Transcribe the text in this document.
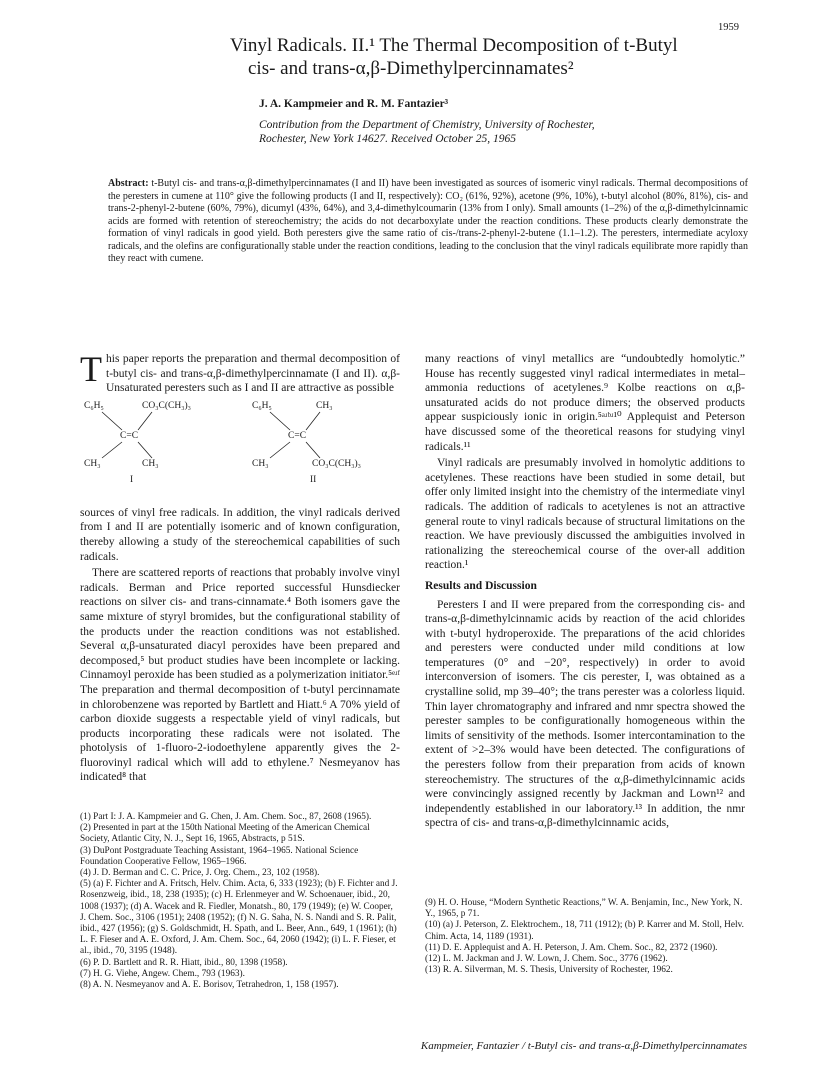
1959
Vinyl Radicals. II.¹ The Thermal Decomposition of t-Butyl
cis- and trans-α,β-Dimethylpercinnamates²
J. A. Kampmeier and R. M. Fantazier³
Contribution from the Department of Chemistry, University of Rochester,
Rochester, New York 14627. Received October 25, 1965
Abstract: t-Butyl cis- and trans-α,β-dimethylpercinnamates (I and II) have been investigated as sources of isomeric vinyl radicals. Thermal decompositions of the peresters in cumene at 110° give the following products (I and II, respectively): CO₂ (61%, 92%), acetone (9%, 10%), t-butyl alcohol (80%, 81%), cis- and trans-2-phenyl-2-butene (60%, 79%), dicumyl (43%, 64%), and 3,4-dimethylcoumarin (13% from I only). Small amounts (1–2%) of the α,β-dimethylcinnamic acids are formed with retention of stereochemistry; the acids do not decarboxylate under the reaction conditions. These products clearly demonstrate the formation of vinyl radicals in good yield. Both peresters give the same ratio of cis-/trans-2-phenyl-2-butene (1.1–1.2). The peresters, intermediate acyloxy radicals, and the olefins are configurationally stable under the reaction conditions, leading to the conclusion that the vinyl radicals equilibrate more rapidly than they react with cumene.

This paper reports the preparation and thermal decomposition of t-butyl cis- and trans-α,β-dimethylpercinnamate (I and II). α,β-Unsaturated peresters such as I and II are attractive as possible

C₆H₅	CO₃C(CH₃)₃
C=C
CH₃	CH₃
I
C₆H₅	CH₃
C=C
CH₃	CO₃C(CH₃)₃
II

sources of vinyl free radicals. In addition, the vinyl radicals derived from I and II are potentially isomeric and of known configuration, thereby allowing a study of the stereochemical capabilities of such radicals.

There are scattered reports of reactions that probably involve vinyl radicals. Berman and Price reported successful Hunsdiecker reactions on silver cis- and trans-cinnamate.⁴ Both isomers gave the same mixture of styryl bromides, but the configurational stability of the products under the reaction conditions was not established. Several α,β-unsaturated diacyl peroxides have been prepared and decomposed,⁵ but product studies have been incomplete or lacking. Cinnamoyl peroxide has been studied as a polymerization initiator.⁵ᵉʴᶠ The preparation and thermal decomposition of t-butyl percinnamate in chlorobenzene was reported by Bartlett and Hiatt.⁶ A 70% yield of carbon dioxide suggests a respectable yield of vinyl radicals, but products incorporating these radicals were not isolated. The photolysis of 1-fluoro-2-iodoethylene apparently gives the 2-fluorovinyl radical which will add to ethylene.⁷ Nesmeyanov has indicated⁸ that

many reactions of vinyl metallics are “undoubtedly homolytic.” House has recently suggested vinyl radical intermediates in metal–ammonia reductions of acetylenes.⁹ Kolbe reactions on α,β-unsaturated acids do not produce dimers; the observed products appear suspiciously ionic in origin.⁵ᵃʴᵇʴ¹⁰ Applequist and Peterson have discussed some of the theoretical reasons for studying vinyl radicals.¹¹

Vinyl radicals are presumably involved in homolytic additions to acetylenes. These reactions have been studied in some detail, but offer only limited insight into the chemistry of the intermediate vinyl radicals. The addition of radicals to acetylenes is not an attractive general route to vinyl radicals because of structural limitations on the reaction. We have previously discussed the ambiguities involved in rationalizing the stereochemical course of the over-all addition reaction.¹

Results and Discussion

Peresters I and II were prepared from the corresponding cis- and trans-α,β-dimethylcinnamic acids by reaction of the acid chlorides with t-butyl hydroperoxide. The preparations of the acid chlorides and peresters were conducted under mild conditions at low temperatures (0° and −20°, respectively) in order to avoid interconversion of isomers. The cis perester, I, was obtained as a crystalline solid, mp 39–40°; the trans perester was a colorless liquid. Thin layer chromatography and infrared and nmr spectra showed the perester samples to be configurationally homogeneous within the limits of sensitivity of the methods. Isomer intercontamination to the extent of >2–3% would have been detected. The configurations of the peresters follow from their preparation from acids of known stereochemistry. The structures of the α,β-dimethylcinnamic acids were convincingly assigned recently by Jackman and Lown¹² and independently established in our laboratory.¹³ In addition, the nmr spectra of cis- and trans-α,β-dimethylcinnamic acids,

(1) Part I: J. A. Kampmeier and G. Chen, J. Am. Chem. Soc., 87, 2608 (1965).
(2) Presented in part at the 150th National Meeting of the American Chemical Society, Atlantic City, N. J., Sept 16, 1965, Abstracts, p 51S.
(3) DuPont Postgraduate Teaching Assistant, 1964–1965. National Science Foundation Cooperative Fellow, 1965–1966.
(4) J. D. Berman and C. C. Price, J. Org. Chem., 23, 102 (1958).
(5) (a) F. Fichter and A. Fritsch, Helv. Chim. Acta, 6, 333 (1923); (b) F. Fichter and J. Rosenzweig, ibid., 18, 238 (1935); (c) H. Erlenmeyer and W. Schoenauer, ibid., 20, 1008 (1937); (d) A. Wacek and R. Fiedler, Monatsh., 80, 179 (1949); (e) W. Cooper, J. Chem. Soc., 3106 (1951); 2408 (1952); (f) N. G. Saha, N. S. Nandi and S. R. Palit, ibid., 427 (1956); (g) S. Goldschmidt, H. Spath, and L. Beer, Ann., 649, 1 (1961); (h) L. F. Fieser and A. E. Oxford, J. Am. Chem. Soc., 64, 2060 (1942); (i) L. F. Fieser, et al., ibid., 70, 3195 (1948).
(6) P. D. Bartlett and R. R. Hiatt, ibid., 80, 1398 (1958).
(7) H. G. Viehe, Angew. Chem., 793 (1963).
(8) A. N. Nesmeyanov and A. E. Borisov, Tetrahedron, 1, 158 (1957).
(9) H. O. House, “Modern Synthetic Reactions,” W. A. Benjamin, Inc., New York, N. Y., 1965, p 71.
(10) (a) J. Peterson, Z. Elektrochem., 18, 711 (1912); (b) P. Karrer and M. Stoll, Helv. Chim. Acta, 14, 1189 (1931).
(11) D. E. Applequist and A. H. Peterson, J. Am. Chem. Soc., 82, 2372 (1960).
(12) L. M. Jackman and J. W. Lown, J. Chem. Soc., 3776 (1962).
(13) R. A. Silverman, M. S. Thesis, University of Rochester, 1962.
Kampmeier, Fantazier / t-Butyl cis- and trans-α,β-Dimethylpercinnamates
